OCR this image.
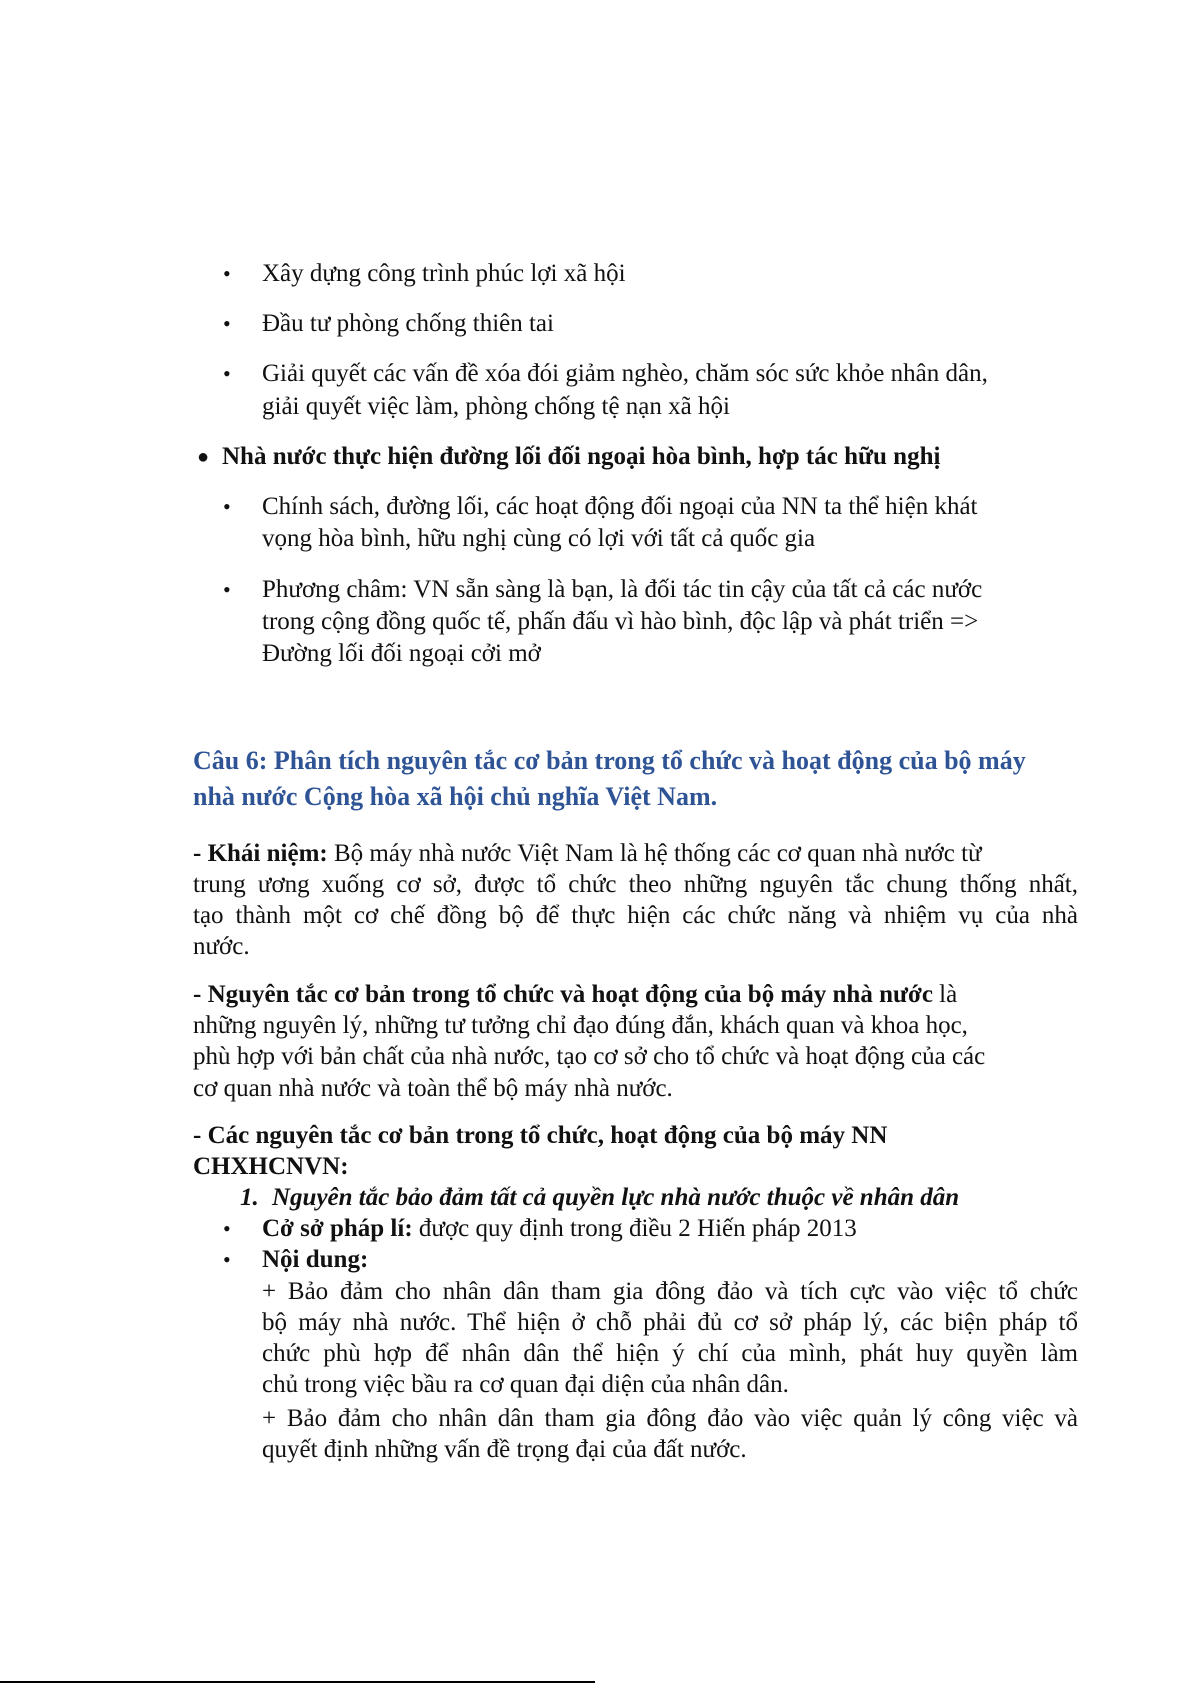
• Xây dựng công trình phúc lợi xã hội
• Đầu tư phòng chống thiên tai
• Giải quyết các vấn đề xóa đói giảm nghèo, chăm sóc sức khỏe nhân dân,
giải quyết việc làm, phòng chống tệ nạn xã hội
● Nhà nước thực hiện đường lối đối ngoại hòa bình, hợp tác hữu nghị
• Chính sách, đường lối, các hoạt động đối ngoại của NN ta thể hiện khát
vọng hòa bình, hữu nghị cùng có lợi với tất cả quốc gia
• Phương châm: VN sẵn sàng là bạn, là đối tác tin cậy của tất cả các nước
trong cộng đồng quốc tế, phấn đấu vì hào bình, độc lập và phát triển =>
Đường lối đối ngoại cởi mở
Câu 6: Phân tích nguyên tắc cơ bản trong tổ chức và hoạt động của bộ máy
nhà nước Cộng hòa xã hội chủ nghĩa Việt Nam.
- Khái niệm: Bộ máy nhà nước Việt Nam là hệ thống các cơ quan nhà nước từ
trung ương xuống cơ sở, được tổ chức theo những nguyên tắc chung thống nhất,
tạo thành một cơ chế đồng bộ để thực hiện các chức năng và nhiệm vụ của nhà
nước.
- Nguyên tắc cơ bản trong tổ chức và hoạt động của bộ máy nhà nước là
những nguyên lý, những tư tưởng chỉ đạo đúng đắn, khách quan và khoa học,
phù hợp với bản chất của nhà nước, tạo cơ sở cho tổ chức và hoạt động của các
cơ quan nhà nước và toàn thể bộ máy nhà nước.
- Các nguyên tắc cơ bản trong tổ chức, hoạt động của bộ máy NN
CHXHCNVN:
1. Nguyên tắc bảo đảm tất cả quyền lực nhà nước thuộc về nhân dân
• Cở sở pháp lí: được quy định trong điều 2 Hiến pháp 2013
• Nội dung:
+ Bảo đảm cho nhân dân tham gia đông đảo và tích cực vào việc tổ chức
bộ máy nhà nước. Thể hiện ở chỗ phải đủ cơ sở pháp lý, các biện pháp tổ
chức phù hợp để nhân dân thể hiện ý chí của mình, phát huy quyền làm
chủ trong việc bầu ra cơ quan đại diện của nhân dân.
+ Bảo đảm cho nhân dân tham gia đông đảo vào việc quản lý công việc và
quyết định những vấn đề trọng đại của đất nước.
